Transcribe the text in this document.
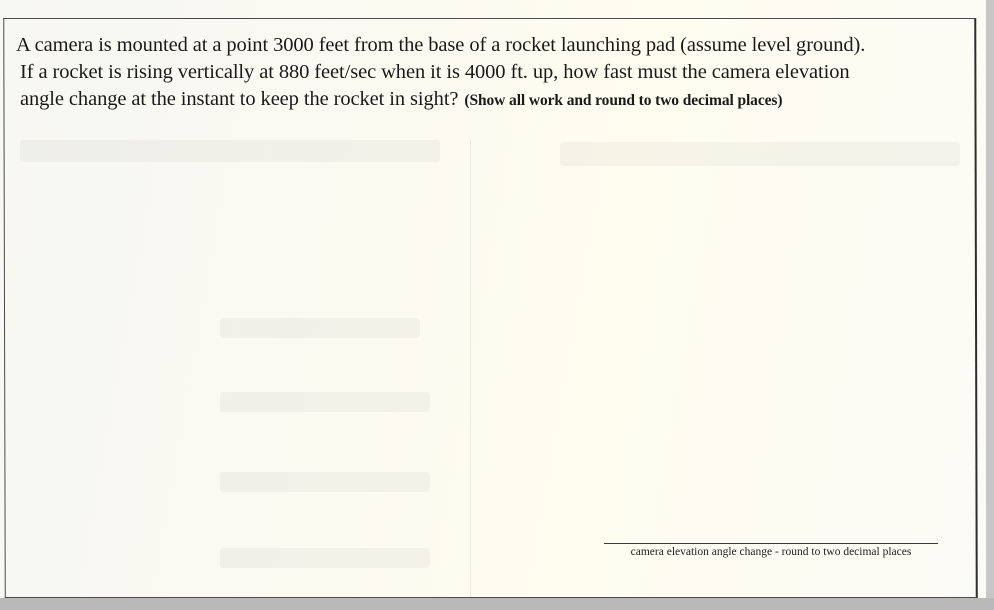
A camera is mounted at a point 3000 feet from the base of a rocket launching pad (assume level ground).
If a rocket is rising vertically at 880 feet/sec when it is 4000 ft. up, how fast must the camera elevation
angle change at the instant to keep the rocket in sight? (Show all work and round to two decimal places)
camera elevation angle change - round to two decimal places
